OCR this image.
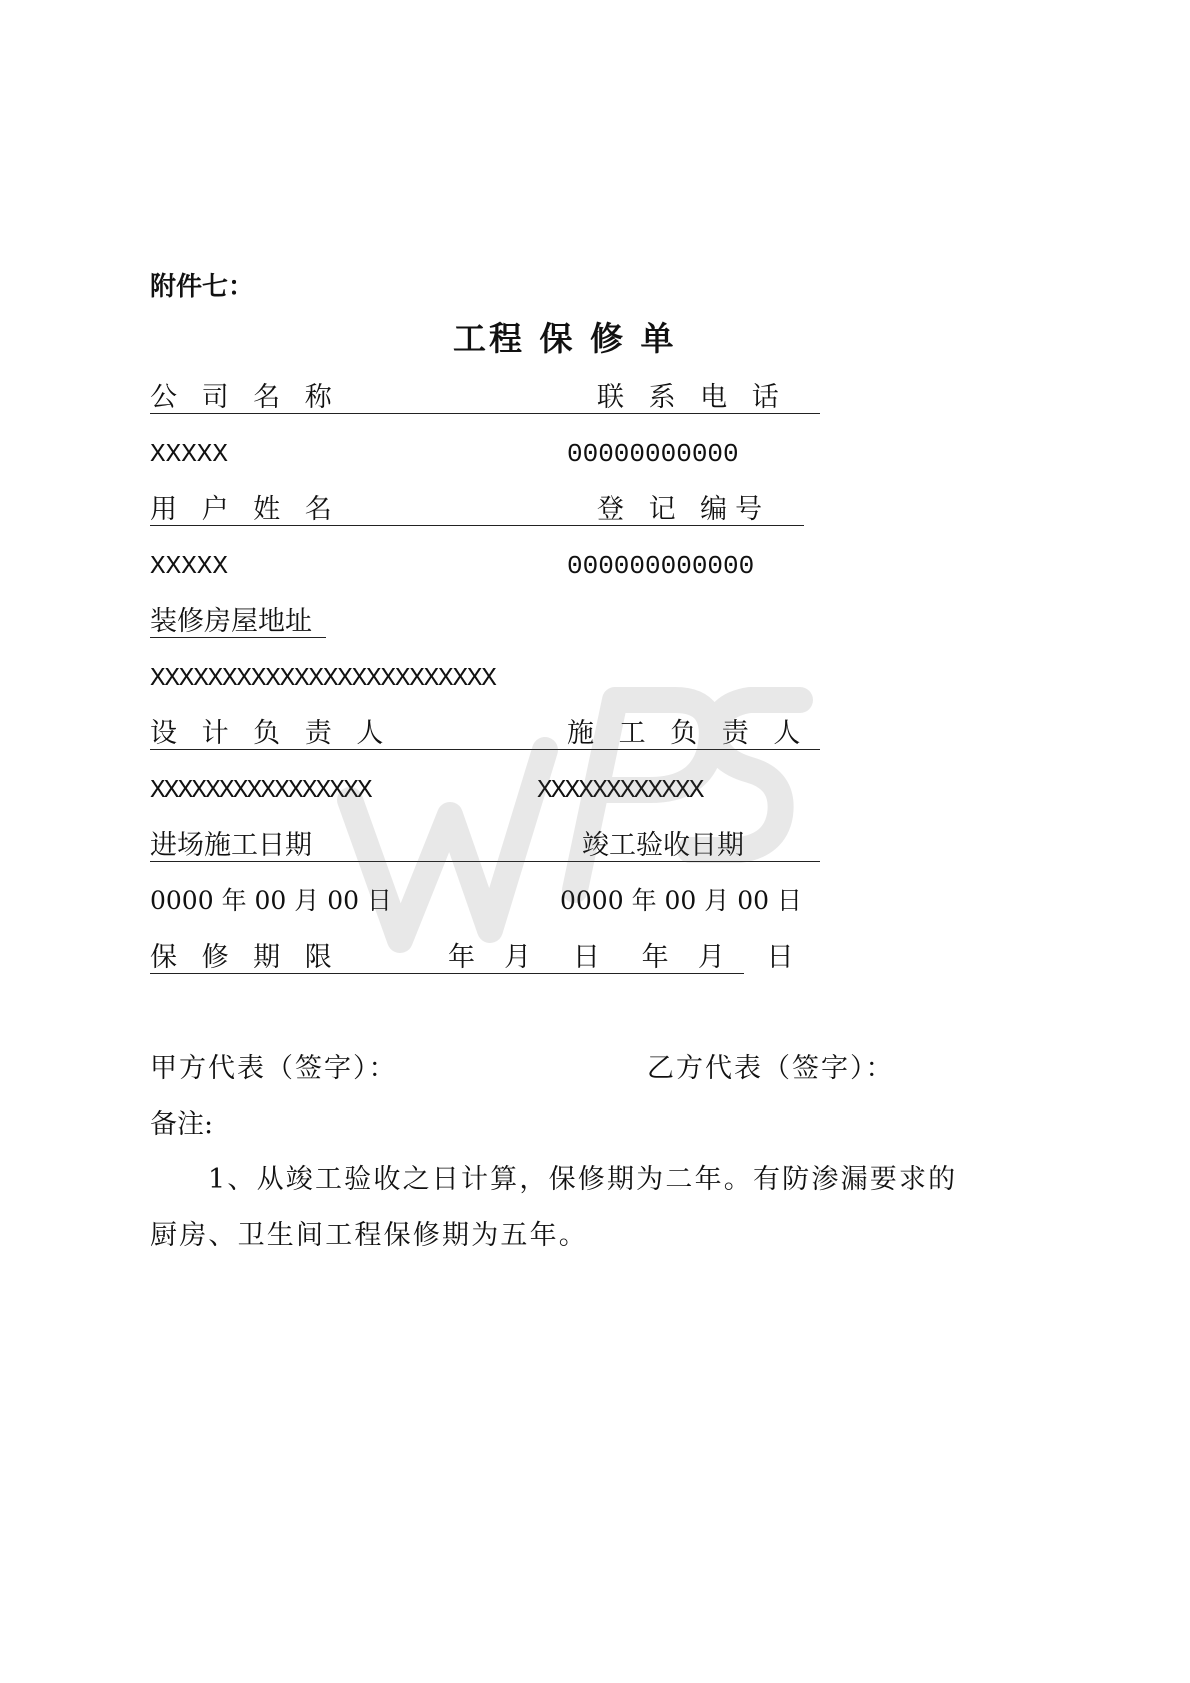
附件七：
工程 保 修 单
公 司 名 称	联 系 电 话
XXXXX	00000000000
用 户 姓 名	登 记 编号
XXXXX	000000000000
装修房屋地址
XXXXXXXXXXXXXXXXXXXXXXXX
设 计 负 责 人	施 工 负 责 人
XXXXXXXXXXXXXXXX	XXXXXXXXXXXX
进场施工日期	竣工验收日期
0000 年 00 月 00 日	0000 年 00 月 00 日
保 修 期 限	年  月   日   年  月   日
甲方代表（签字）：	乙方代表（签字）：
备注:
1、从竣工验收之日计算，保修期为二年。有防渗漏要求的
厨房、卫生间工程保修期为五年。
